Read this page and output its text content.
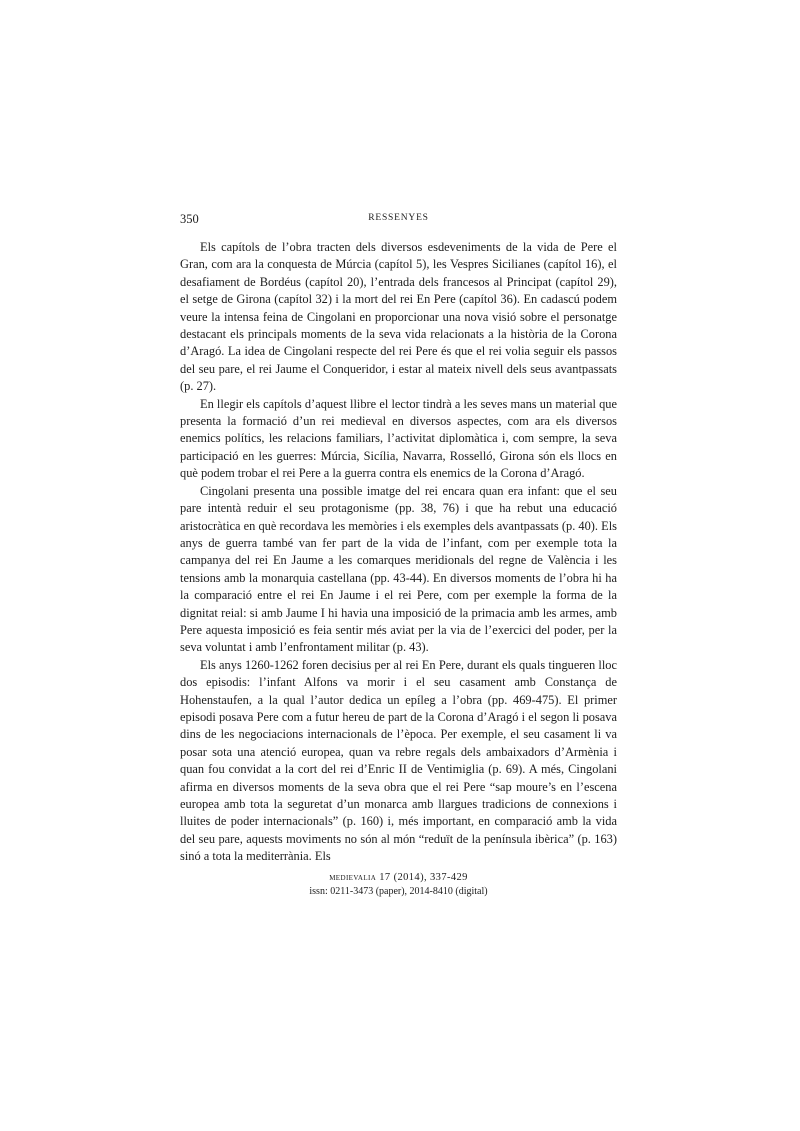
350	RESSENYES

Els capítols de l’obra tracten dels diversos esdeveniments de la vida de Pere el Gran, com ara la conquesta de Múrcia (capítol 5), les Vespres Sicilianes (capítol 16), el desafiament de Bordéus (capítol 20), l’entrada dels francesos al Principat (capítol 29), el setge de Girona (capítol 32) i la mort del rei En Pere (capítol 36). En cadascú podem veure la intensa feina de Cingolani en proporcionar una nova visió sobre el personatge destacant els principals moments de la seva vida relacionats a la història de la Corona d’Aragó. La idea de Cingolani respecte del rei Pere és que el rei volia seguir els passos del seu pare, el rei Jaume el Conqueridor, i estar al mateix nivell dels seus avantpassats (p. 27).

En llegir els capítols d’aquest llibre el lector tindrà a les seves mans un material que presenta la formació d’un rei medieval en diversos aspectes, com ara els diversos enemics polítics, les relacions familiars, l’activitat diplomàtica i, com sempre, la seva participació en les guerres: Múrcia, Sicília, Navarra, Rosselló, Girona són els llocs en què podem trobar el rei Pere a la guerra contra els enemics de la Corona d’Aragó.

Cingolani presenta una possible imatge del rei encara quan era infant: que el seu pare intentà reduir el seu protagonisme (pp. 38, 76) i que ha rebut una educació aristocràtica en què recordava les memòries i els exemples dels avantpassats (p. 40). Els anys de guerra també van fer part de la vida de l’infant, com per exemple tota la campanya del rei En Jaume a les comarques meridionals del regne de València i les tensions amb la monarquia castellana (pp. 43-44). En diversos moments de l’obra hi ha la comparació entre el rei En Jaume i el rei Pere, com per exemple la forma de la dignitat reial: si amb Jaume I hi havia una imposició de la primacia amb les armes, amb Pere aquesta imposició es feia sentir més aviat per la via de l’exercici del poder, per la seva voluntat i amb l’enfrontament militar (p. 43).

Els anys 1260-1262 foren decisius per al rei En Pere, durant els quals tingueren lloc dos episodis: l’infant Alfons va morir i el seu casament amb Constança de Hohenstaufen, a la qual l’autor dedica un epíleg a l’obra (pp. 469-475). El primer episodi posava Pere com a futur hereu de part de la Corona d’Aragó i el segon li posava dins de les negociacions internacionals de l’època. Per exemple, el seu casament li va posar sota una atenció europea, quan va rebre regals dels ambaixadors d’Armènia i quan fou convidat a la cort del rei d’Enric II de Ventimiglia (p. 69). A més, Cingolani afirma en diversos moments de la seva obra que el rei Pere “sap moure’s en l’escena europea amb tota la seguretat d’un monarca amb llargues tradicions de connexions i lluites de poder internacionals” (p. 160) i, més important, en comparació amb la vida del seu pare, aquests moviments no són al món “reduït de la península ibèrica” (p. 163) sinó a tota la mediterrània. Els

medievalia 17 (2014), 337-429
issn: 0211-3473 (paper), 2014-8410 (digital)
